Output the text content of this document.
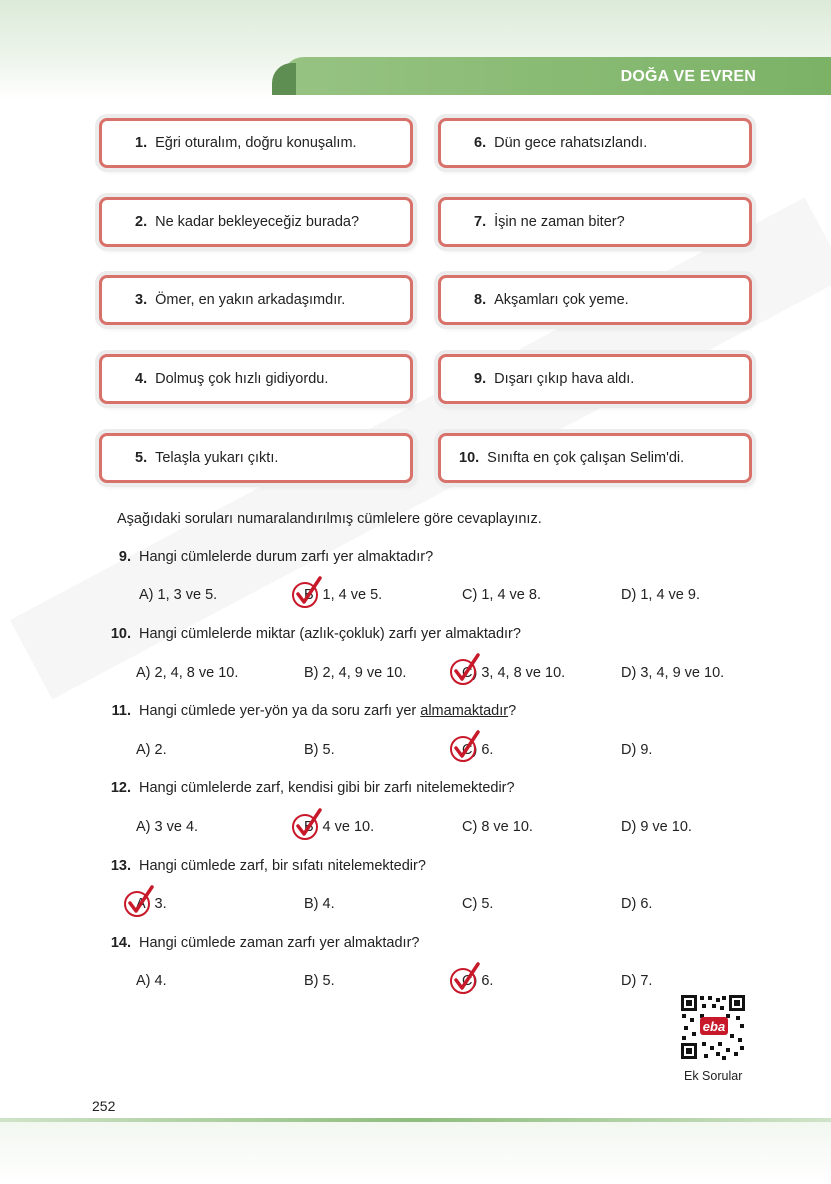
DOĞA VE EVREN
1. Eğri oturalım, doğru konuşalım.
2. Ne kadar bekleyeceğiz burada?
3. Ömer, en yakın arkadaşımdır.
4. Dolmuş çok hızlı gidiyordu.
5. Telaşla yukarı çıktı.
6. Dün gece rahatsızlandı.
7. İşin ne zaman biter?
8. Akşamları çok yeme.
9. Dışarı çıkıp hava aldı.
10. Sınıfta en çok çalışan Selim'di.
Aşağıdaki soruları numaralandırılmış cümlelere göre cevaplayınız.
9. Hangi cümlelerde durum zarfı yer almaktadır?
A) 1, 3 ve 5.	B) 1, 4 ve 5.	C) 1, 4 ve 8.	D) 1, 4 ve 9.
10. Hangi cümlelerde miktar (azlık-çokluk) zarfı yer almaktadır?
A) 2, 4, 8 ve 10.	B) 2, 4, 9 ve 10.	C) 3, 4, 8 ve 10.	D) 3, 4, 9 ve 10.
11. Hangi cümlede yer-yön ya da soru zarfı yer almamaktadır?
A) 2.	B) 5.	C) 6.	D) 9.
12. Hangi cümlelerde zarf, kendisi gibi bir zarfı nitelemektedir?
A) 3 ve 4.	B) 4 ve 10.	C) 8 ve 10.	D) 9 ve 10.
13. Hangi cümlede zarf, bir sıfatı nitelemektedir?
A) 3.	B) 4.	C) 5.	D) 6.
14. Hangi cümlede zaman zarfı yer almaktadır?
A) 4.	B) 5.	C) 6.	D) 7.
eba
Ek Sorular
252
